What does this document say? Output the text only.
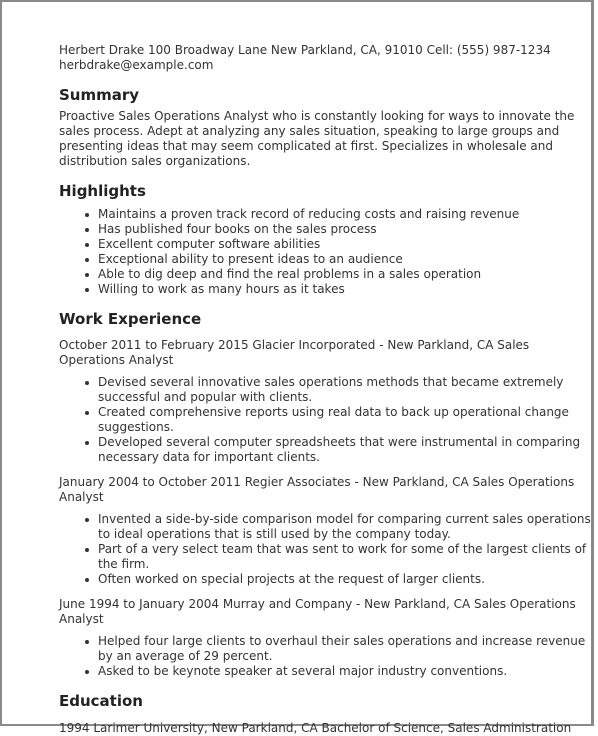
Herbert Drake 100 Broadway Lane New Parkland, CA, 91010 Cell: (555) 987-1234

herbdrake@example.com

Summary

Proactive Sales Operations Analyst who is constantly looking for ways to innovate the sales process. Adept at analyzing any sales situation, speaking to large groups and presenting ideas that may seem complicated at first. Specializes in wholesale and distribution sales organizations.

Highlights
Maintains a proven track record of reducing costs and raising revenue
Has published four books on the sales process
Excellent computer software abilities
Exceptional ability to present ideas to an audience
Able to dig deep and find the real problems in a sales operation
Willing to work as many hours as it takes
Work Experience

October 2011 to February 2015 Glacier Incorporated - New Parkland, CA Sales Operations Analyst

Devised several innovative sales operations methods that became extremely successful and popular with clients.
Created comprehensive reports using real data to back up operational change suggestions.
Developed several computer spreadsheets that were instrumental in comparing necessary data for important clients.

January 2004 to October 2011 Regier Associates - New Parkland, CA Sales Operations Analyst

Invented a side-by-side comparison model for comparing current sales operations to ideal operations that is still used by the company today.
Part of a very select team that was sent to work for some of the largest clients of the firm.
Often worked on special projects at the request of larger clients.

June 1994 to January 2004 Murray and Company - New Parkland, CA Sales Operations Analyst

Helped four large clients to overhaul their sales operations and increase revenue by an average of 29 percent.
Asked to be keynote speaker at several major industry conventions.
Education

1994 Larimer University, New Parkland, CA Bachelor of Science, Sales Administration
